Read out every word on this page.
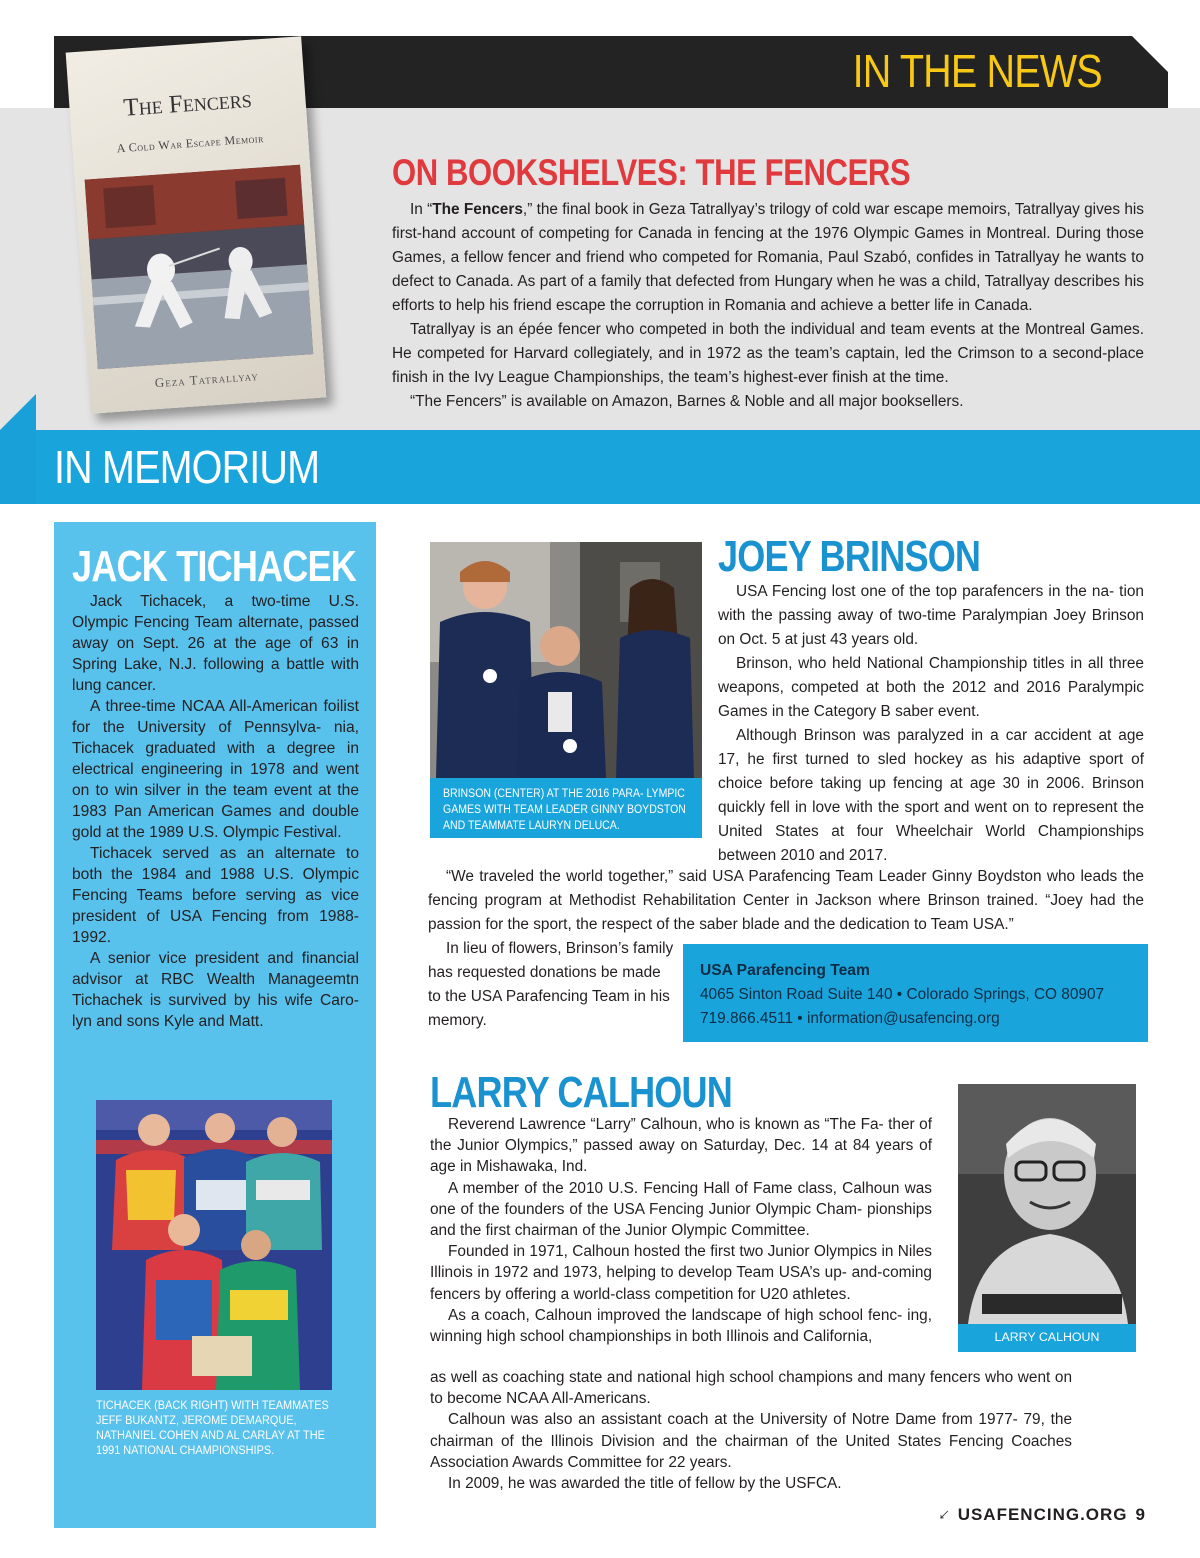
IN THE NEWS
The Fencers
A Cold War Escape Memoir
Geza Tatrallyay
ON BOOKSHELVES: THE FENCERS

In “The Fencers,” the final book in Geza Tatrallyay’s trilogy of cold war escape memoirs, Tatrallyay gives his first-hand account of competing for Canada in fencing at the 1976 Olympic Games in Montreal. During those Games, a fellow fencer and friend who competed for Romania, Paul Szabó, confides in Tatrallyay he wants to defect to Canada. As part of a family that defected from Hungary when he was a child, Tatrallyay describes his efforts to help his friend escape the corruption in Romania and achieve a better life in Canada.

Tatrallyay is an épée fencer who competed in both the individual and team events at the Montreal Games. He competed for Harvard collegiately, and in 1972 as the team’s captain, led the Crimson to a second-place finish in the Ivy League Championships, the team’s highest-ever finish at the time.

“The Fencers” is available on Amazon, Barnes & Noble and all major booksellers.

IN MEMORIUM
JACK TICHACEK

Jack Tichacek, a two-time U.S. Olympic Fencing Team alternate, passed away on Sept. 26 at the age of 63 in Spring Lake, N.J. following a battle with lung cancer.

A three-time NCAA All-American foilist for the University of Pennsylva- nia, Tichacek graduated with a degree in electrical engineering in 1978 and went on to win silver in the team event at the 1983 Pan American Games and double gold at the 1989 U.S. Olympic Festival.

Tichacek served as an alternate to both the 1984 and 1988 U.S. Olympic Fencing Teams before serving as vice president of USA Fencing from 1988- 1992.

A senior vice president and financial advisor at RBC Wealth Manageemtn Tichachek is survived by his wife Caro- lyn and sons Kyle and Matt.

TICHACEK (BACK RIGHT) WITH TEAMMATES JEFF BUKANTZ, JEROME DEMARQUE, NATHANIEL COHEN AND AL CARLAY AT THE 1991 NATIONAL CHAMPIONSHIPS.
BRINSON (CENTER) AT THE 2016 PARA- LYMPIC GAMES WITH TEAM LEADER GINNY BOYDSTON AND TEAMMATE LAURYN DELUCA.
JOEY BRINSON

USA Fencing lost one of the top parafencers in the na- tion with the passing away of two-time Paralympian Joey Brinson on Oct. 5 at just 43 years old.

Brinson, who held National Championship titles in all three weapons, competed at both the 2012 and 2016 Paralympic Games in the Category B saber event.

Although Brinson was paralyzed in a car accident at age 17, he first turned to sled hockey as his adaptive sport of choice before taking up fencing at age 30 in 2006. Brinson quickly fell in love with the sport and went on to represent the United States at four Wheelchair World Championships between 2010 and 2017.

“We traveled the world together,” said USA Parafencing Team Leader Ginny Boydston who leads the fencing program at Methodist Rehabilitation Center in Jackson where Brinson trained. “Joey had the passion for the sport, the respect of the saber blade and the dedication to Team USA.”

In lieu of flowers, Brinson’s family has requested donations be made to the USA Parafencing Team in his memory.

USA Parafencing Team
4065 Sinton Road Suite 140 • Colorado Springs, CO 80907
719.866.4511 • information@usafencing.org
LARRY CALHOUN

Reverend Lawrence “Larry” Calhoun, who is known as “The Fa- ther of the Junior Olympics,” passed away on Saturday, Dec. 14 at 84 years of age in Mishawaka, Ind.

A member of the 2010 U.S. Fencing Hall of Fame class, Calhoun was one of the founders of the USA Fencing Junior Olympic Cham- pionships and the first chairman of the Junior Olympic Committee.

Founded in 1971, Calhoun hosted the first two Junior Olympics in Niles Illinois in 1972 and 1973, helping to develop Team USA’s up- and-coming fencers by offering a world-class competition for U20 athletes.

As a coach, Calhoun improved the landscape of high school fenc- ing, winning high school championships in both Illinois and California,

as well as coaching state and national high school champions and many fencers who went on to become NCAA All-Americans.

Calhoun was also an assistant coach at the University of Notre Dame from 1977- 79, the chairman of the Illinois Division and the chairman of the United States Fencing Coaches Association Awards Committee for 22 years.

In 2009, he was awarded the title of fellow by the USFCA.

LARRY CALHOUN
↓ USAFENCING.ORG 9
